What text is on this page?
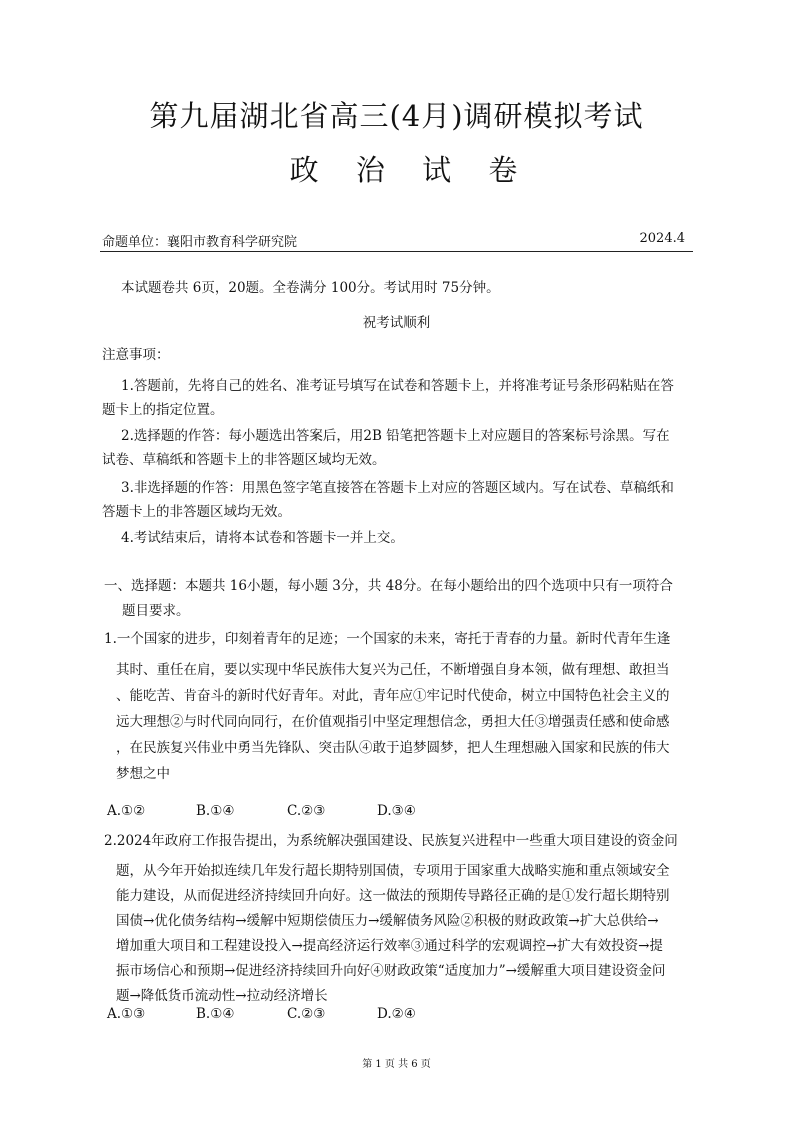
第九届湖北省高三(4月)调研模拟考试
政 治 试 卷
命题单位：襄阳市教育科学研究院	2024.4
本试题卷共 6页，20题。全卷满分 100分。考试用时 75分钟。
祝考试顺利
注意事项：
1.答题前，先将自己的姓名、准考证号填写在试卷和答题卡上，并将准考证号条形码粘贴在答
题卡上的指定位置。
2.选择题的作答：每小题选出答案后，用2B 铅笔把答题卡上对应题目的答案标号涂黑。写在
试卷、草稿纸和答题卡上的非答题区域均无效。
3.非选择题的作答：用黑色签字笔直接答在答题卡上对应的答题区域内。写在试卷、草稿纸和
答题卡上的非答题区域均无效。
4.考试结束后，请将本试卷和答题卡一并上交。
一、选择题：本题共 16小题，每小题 3分，共 48分。在每小题给出的四个选项中只有一项符合
题目要求。
1.一个国家的进步，印刻着青年的足迹；一个国家的未来，寄托于青春的力量。新时代青年生逢
其时、重任在肩，要以实现中华民族伟大复兴为己任，不断增强自身本领，做有理想、敢担当
、能吃苦、肯奋斗的新时代好青年。对此，青年应①牢记时代使命，树立中国特色社会主义的
远大理想②与时代同向同行，在价值观指引中坚定理想信念，勇担大任③增强责任感和使命感
，在民族复兴伟业中勇当先锋队、突击队④敢于追梦圆梦，把人生理想融入国家和民族的伟大
梦想之中
A.①②	B.①④	C.②③	D.③④
2.2024年政府工作报告提出，为系统解决强国建设、民族复兴进程中一些重大项目建设的资金问
题，从今年开始拟连续几年发行超长期特别国债，专项用于国家重大战略实施和重点领域安全
能力建设，从而促进经济持续回升向好。这一做法的预期传导路径正确的是①发行超长期特别
国债→优化债务结构→缓解中短期偿债压力→缓解债务风险②积极的财政政策→扩大总供给→
增加重大项目和工程建设投入→提高经济运行效率③通过科学的宏观调控→扩大有效投资→提
振市场信心和预期→促进经济持续回升向好④财政政策“适度加力”→缓解重大项目建设资金问
题→降低货币流动性→拉动经济增长
A.①③	B.①④	C.②③	D.②④
第 1 页 共 6 页
